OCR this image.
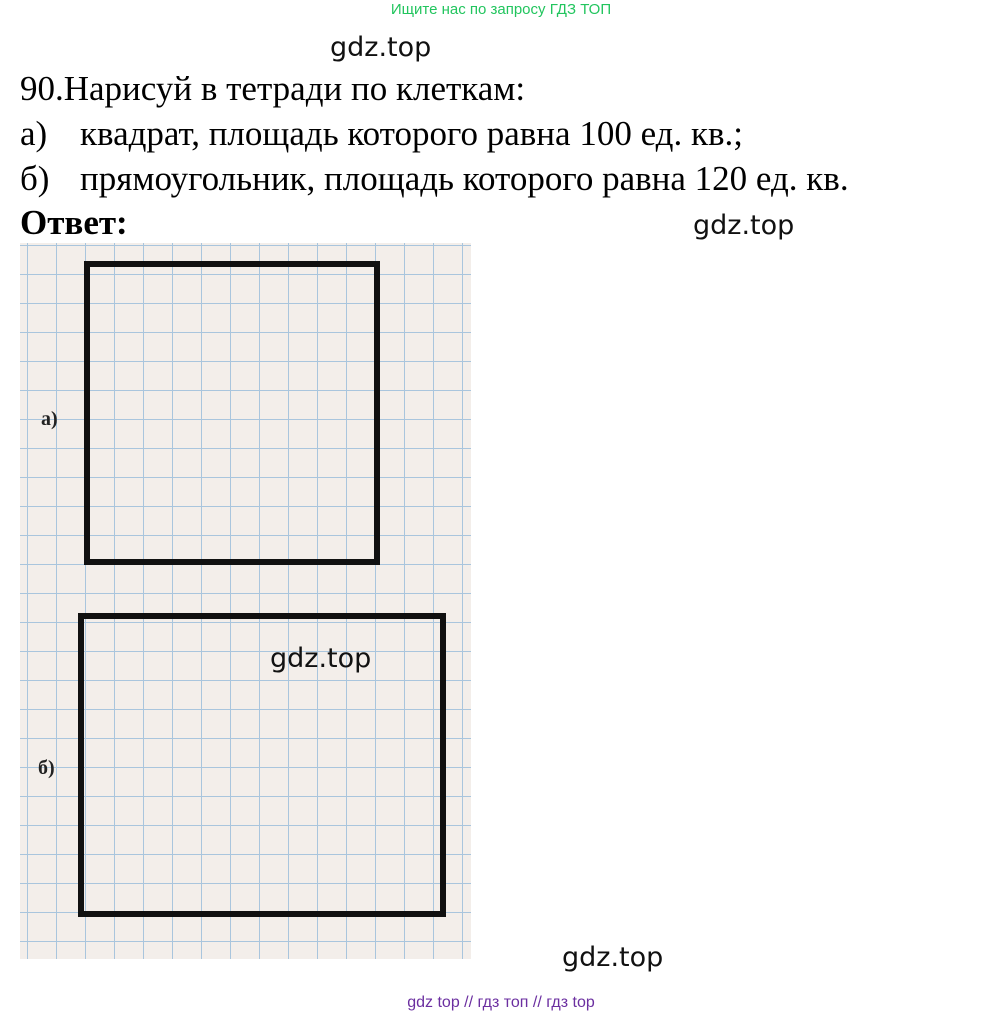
Ищите нас по запросу ГДЗ ТОП
gdz.top
90.Нарисуй в тетради по клеткам:
а) квадрат, площадь которого равна 100 ед. кв.;
б) прямоугольник, площадь которого равна 120 ед. кв.
Ответ:	gdz.top
а)
б)
gdz.top
gdz.top
gdz top // гдз топ // гдз top
